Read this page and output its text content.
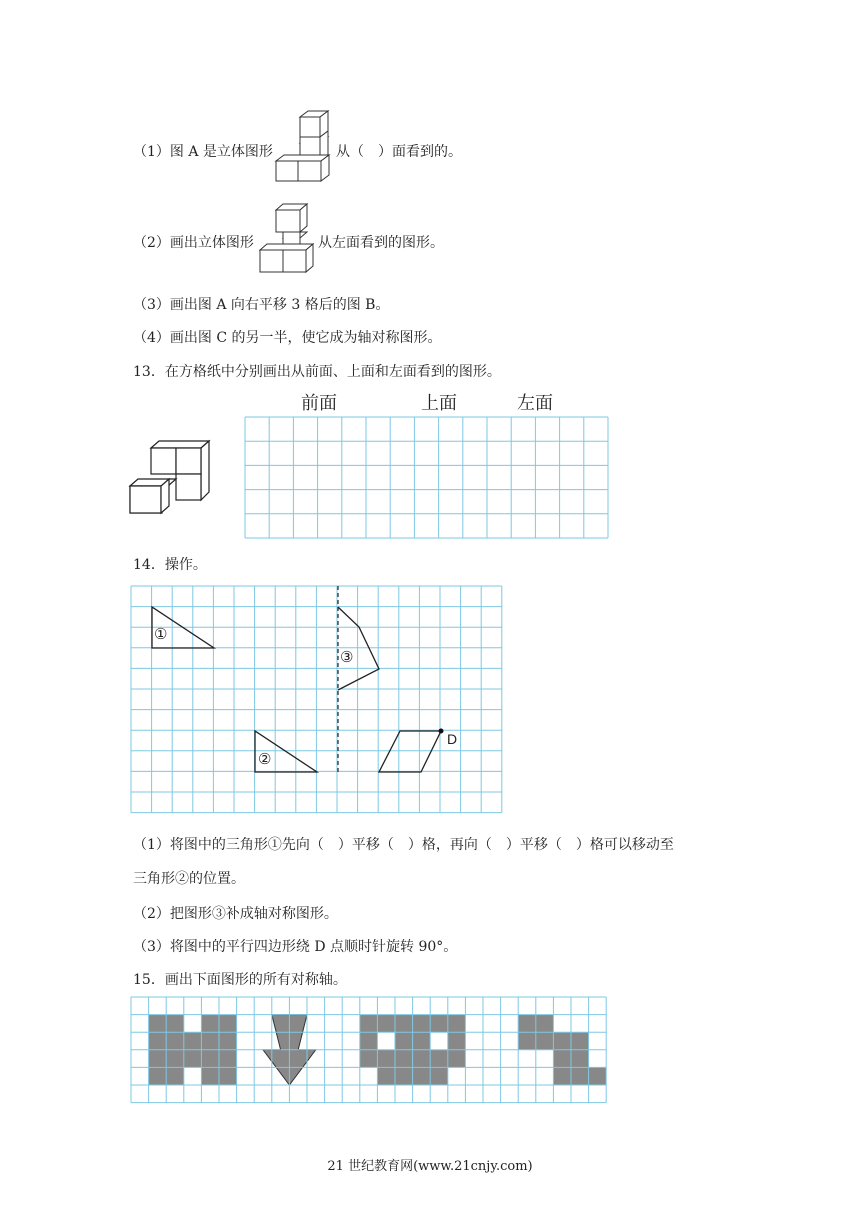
（1）图 A 是立体图形	从（　）面看到的。
（2）画出立体图形	从左面看到的图形。
（3）画出图 A 向右平移 3 格后的图 B。
（4）画出图 C 的另一半，使它成为轴对称图形。
13．在方格纸中分别画出从前面、上面和左面看到的图形。
前面	上面	左面
14．操作。
①
②
③
D
（1）将图中的三角形①先向（　）平移（　）格，再向（　）平移（　）格可以移动至
三角形②的位置。
（2）把图形③补成轴对称图形。
（3）将图中的平行四边形绕 D 点顺时针旋转 90°。
15．画出下面图形的所有对称轴。
21 世纪教育网(www.21cnjy.com)
